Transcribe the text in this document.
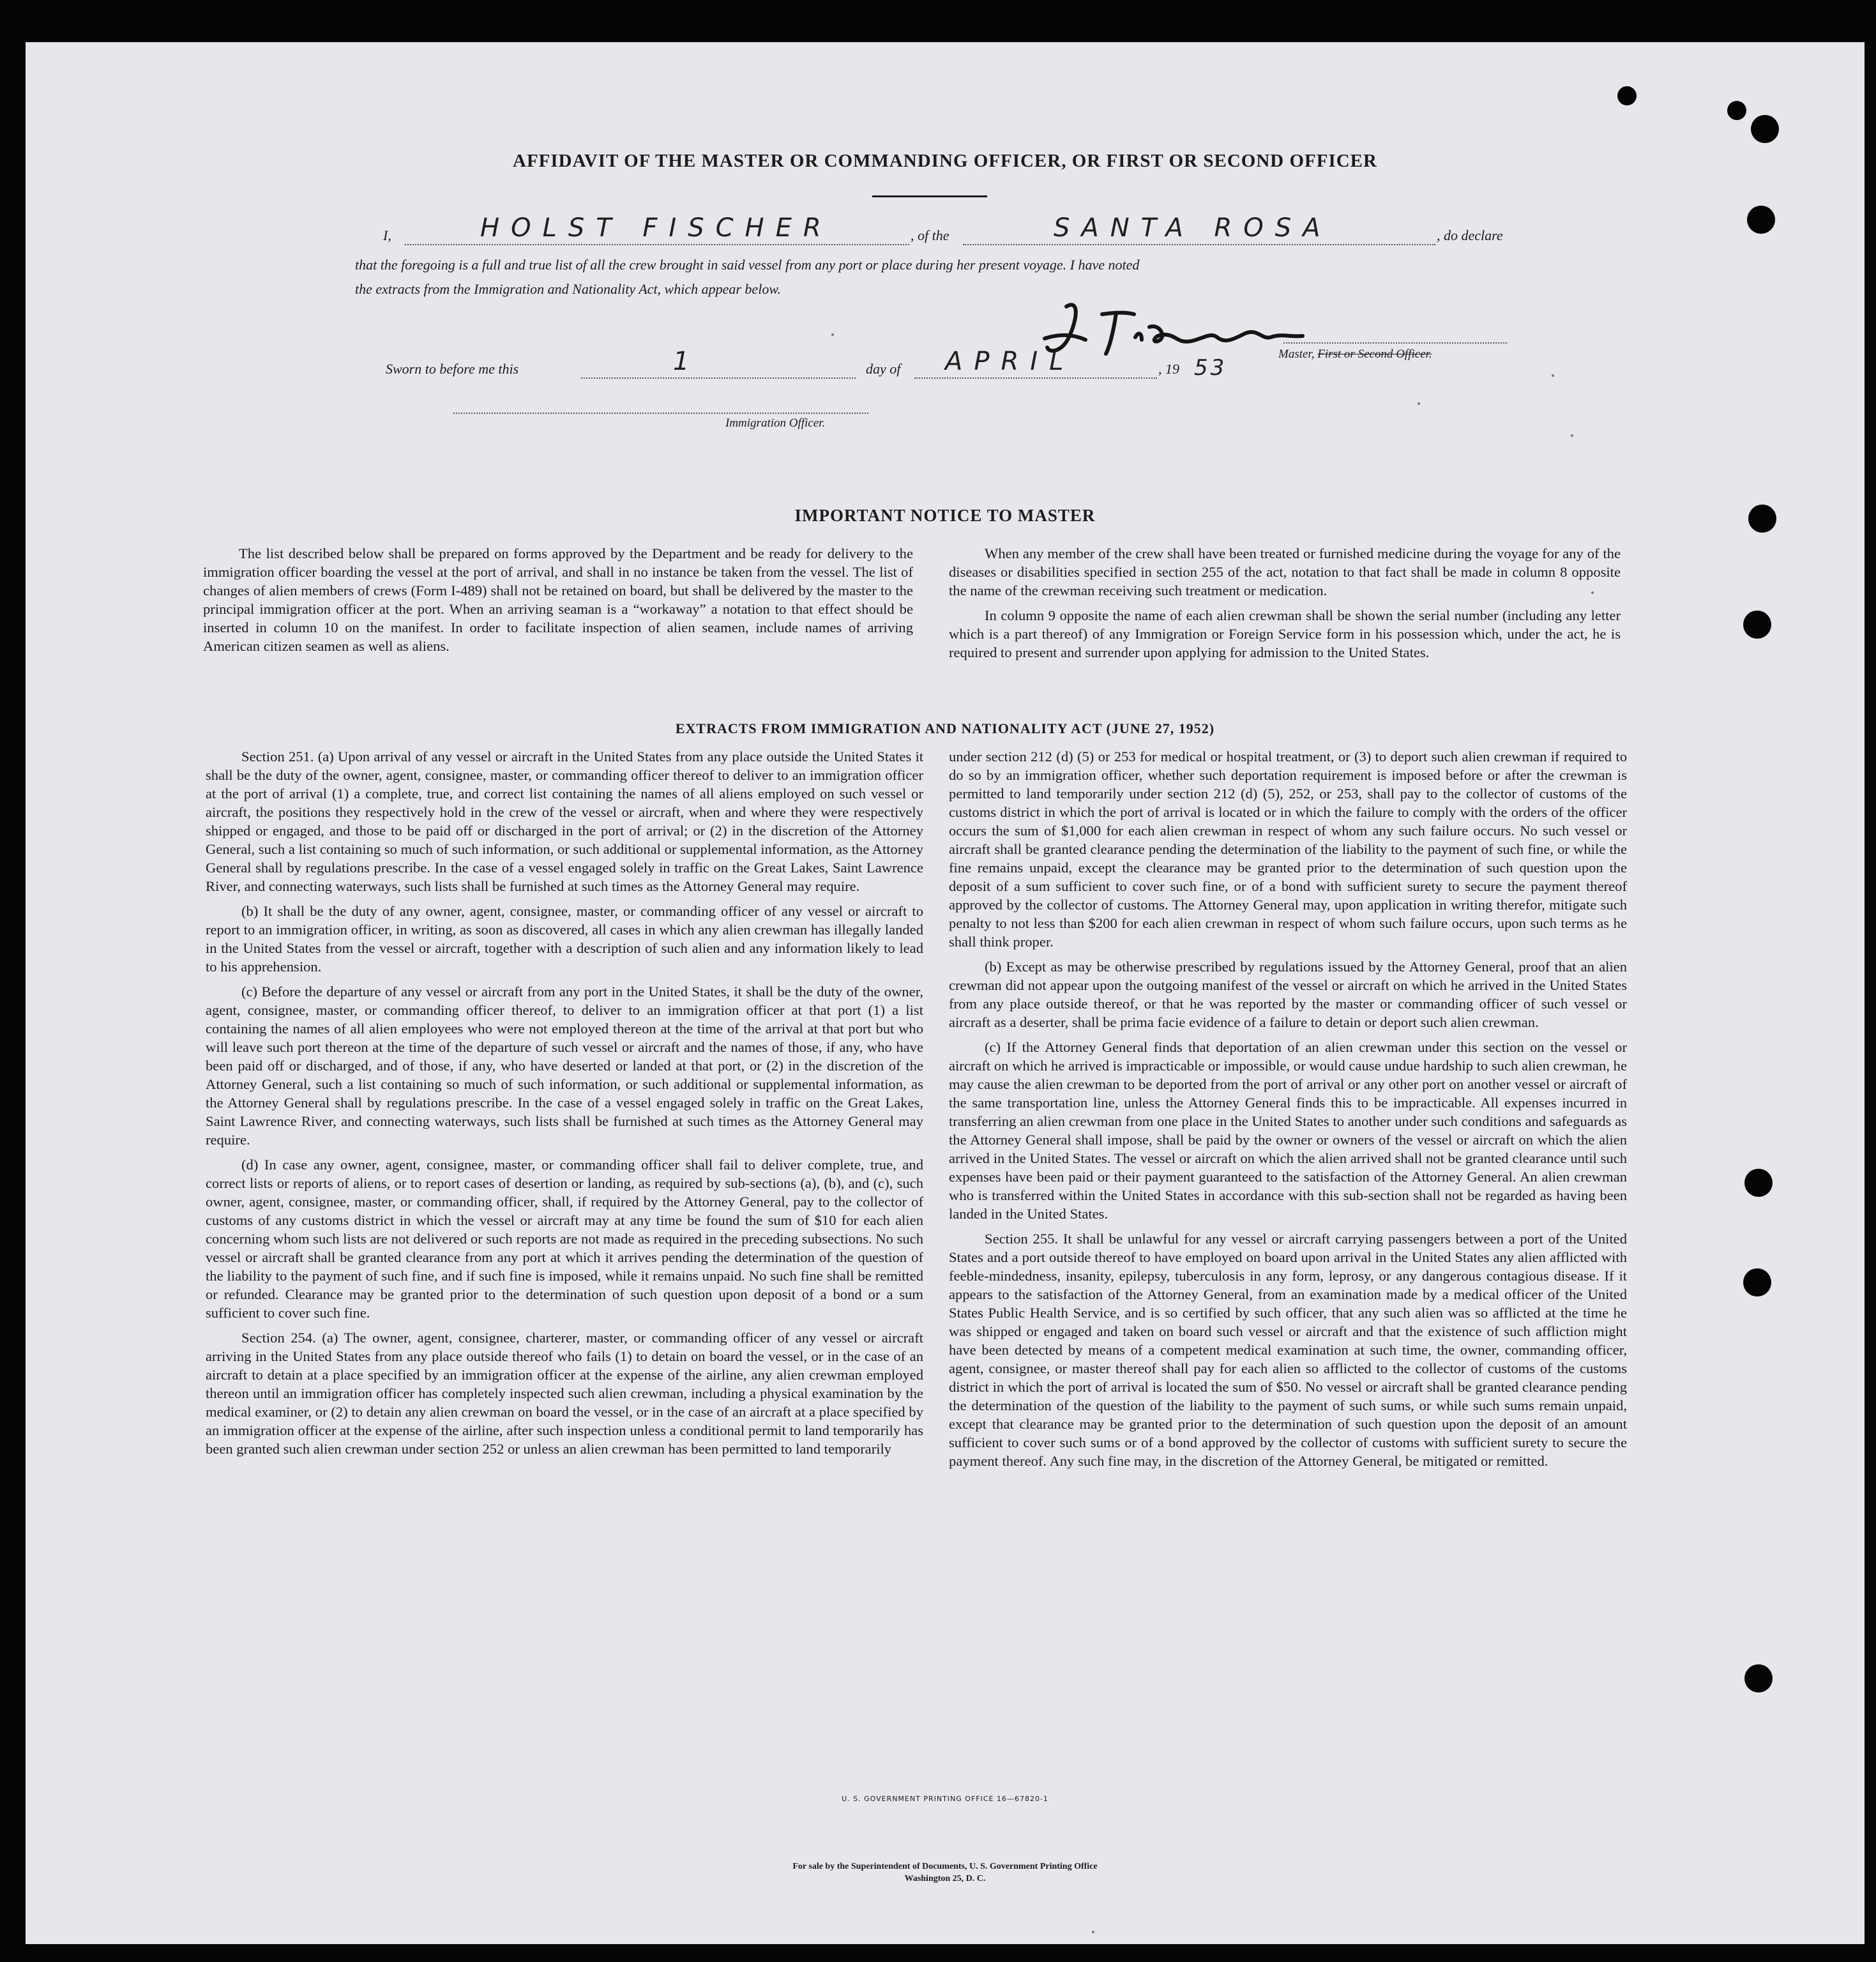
AFFIDAVIT OF THE MASTER OR COMMANDING OFFICER, OR FIRST OR SECOND OFFICER
I,	HOLST FISCHER	, of the	SANTA ROSA	, do declare
that the foregoing is a full and true list of all the crew brought in said vessel from any port or place during her present voyage. I have noted
the extracts from the Immigration and Nationality Act, which appear below.
Master, First or Second Officer.
Sworn to before me this	1	day of APRIL	, 19 53
Immigration Officer.
IMPORTANT NOTICE TO MASTER

The list described below shall be prepared on forms approved by the Department and be ready for delivery to the immigration officer boarding the vessel at the port of arrival, and shall in no instance be taken from the vessel. The list of changes of alien members of crews (Form I-489) shall not be retained on board, but shall be delivered by the master to the principal immigration officer at the port. When an arriving seaman is a “workaway” a notation to that effect should be inserted in column 10 on the manifest. In order to facilitate inspection of alien seamen, include names of arriving American citizen seamen as well as aliens.

When any member of the crew shall have been treated or furnished medicine during the voyage for any of the diseases or disabilities specified in section 255 of the act, notation to that fact shall be made in column 8 opposite the name of the crewman receiving such treatment or medication.

In column 9 opposite the name of each alien crewman shall be shown the serial number (including any letter which is a part thereof) of any Immigration or Foreign Service form in his possession which, under the act, he is required to present and surrender upon applying for admission to the United States.

EXTRACTS FROM IMMIGRATION AND NATIONALITY ACT (JUNE 27, 1952)

Section 251. (a) Upon arrival of any vessel or aircraft in the United States from any place outside the United States it shall be the duty of the owner, agent, consignee, master, or commanding officer thereof to deliver to an immigration officer at the port of arrival (1) a complete, true, and correct list containing the names of all aliens employed on such vessel or aircraft, the positions they respectively hold in the crew of the vessel or aircraft, when and where they were respectively shipped or engaged, and those to be paid off or discharged in the port of arrival; or (2) in the discretion of the Attorney General, such a list containing so much of such information, or such additional or supplemental information, as the Attorney General shall by regulations prescribe. In the case of a vessel engaged solely in traffic on the Great Lakes, Saint Lawrence River, and connecting waterways, such lists shall be furnished at such times as the Attorney General may require.

(b) It shall be the duty of any owner, agent, consignee, master, or commanding officer of any vessel or aircraft to report to an immigration officer, in writing, as soon as discovered, all cases in which any alien crewman has illegally landed in the United States from the vessel or aircraft, together with a description of such alien and any information likely to lead to his apprehension.

(c) Before the departure of any vessel or aircraft from any port in the United States, it shall be the duty of the owner, agent, consignee, master, or commanding officer thereof, to deliver to an immigration officer at that port (1) a list containing the names of all alien employees who were not employed thereon at the time of the arrival at that port but who will leave such port thereon at the time of the departure of such vessel or aircraft and the names of those, if any, who have been paid off or discharged, and of those, if any, who have deserted or landed at that port, or (2) in the discretion of the Attorney General, such a list containing so much of such information, or such additional or supplemental information, as the Attorney General shall by regulations prescribe. In the case of a vessel engaged solely in traffic on the Great Lakes, Saint Lawrence River, and connecting waterways, such lists shall be furnished at such times as the Attorney General may require.

(d) In case any owner, agent, consignee, master, or commanding officer shall fail to deliver complete, true, and correct lists or reports of aliens, or to report cases of desertion or landing, as required by sub-sections (a), (b), and (c), such owner, agent, consignee, master, or commanding officer, shall, if required by the Attorney General, pay to the collector of customs of any customs district in which the vessel or aircraft may at any time be found the sum of $10 for each alien concerning whom such lists are not delivered or such reports are not made as required in the preceding subsections. No such vessel or aircraft shall be granted clearance from any port at which it arrives pending the determination of the question of the liability to the payment of such fine, and if such fine is imposed, while it remains unpaid. No such fine shall be remitted or refunded. Clearance may be granted prior to the determination of such question upon deposit of a bond or a sum sufficient to cover such fine.

Section 254. (a) The owner, agent, consignee, charterer, master, or commanding officer of any vessel or aircraft arriving in the United States from any place outside thereof who fails (1) to detain on board the vessel, or in the case of an aircraft to detain at a place specified by an immigration officer at the expense of the airline, any alien crewman employed thereon until an immigration officer has completely inspected such alien crewman, including a physical examination by the medical examiner, or (2) to detain any alien crewman on board the vessel, or in the case of an aircraft at a place specified by an immigration officer at the expense of the airline, after such inspection unless a conditional permit to land temporarily has been granted such alien crewman under section 252 or unless an alien crewman has been permitted to land temporarily

under section 212 (d) (5) or 253 for medical or hospital treatment, or (3) to deport such alien crewman if required to do so by an immigration officer, whether such deportation requirement is imposed before or after the crewman is permitted to land temporarily under section 212 (d) (5), 252, or 253, shall pay to the collector of customs of the customs district in which the port of arrival is located or in which the failure to comply with the orders of the officer occurs the sum of $1,000 for each alien crewman in respect of whom any such failure occurs. No such vessel or aircraft shall be granted clearance pending the determination of the liability to the payment of such fine, or while the fine remains unpaid, except the clearance may be granted prior to the determination of such question upon the deposit of a sum sufficient to cover such fine, or of a bond with sufficient surety to secure the payment thereof approved by the collector of customs. The Attorney General may, upon application in writing therefor, mitigate such penalty to not less than $200 for each alien crewman in respect of whom such failure occurs, upon such terms as he shall think proper.

(b) Except as may be otherwise prescribed by regulations issued by the Attorney General, proof that an alien crewman did not appear upon the outgoing manifest of the vessel or aircraft on which he arrived in the United States from any place outside thereof, or that he was reported by the master or commanding officer of such vessel or aircraft as a deserter, shall be prima facie evidence of a failure to detain or deport such alien crewman.

(c) If the Attorney General finds that deportation of an alien crewman under this section on the vessel or aircraft on which he arrived is impracticable or impossible, or would cause undue hardship to such alien crewman, he may cause the alien crewman to be deported from the port of arrival or any other port on another vessel or aircraft of the same transportation line, unless the Attorney General finds this to be impracticable. All expenses incurred in transferring an alien crewman from one place in the United States to another under such conditions and safeguards as the Attorney General shall impose, shall be paid by the owner or owners of the vessel or aircraft on which the alien arrived in the United States. The vessel or aircraft on which the alien arrived shall not be granted clearance until such expenses have been paid or their payment guaranteed to the satisfaction of the Attorney General. An alien crewman who is transferred within the United States in accordance with this sub-section shall not be regarded as having been landed in the United States.

Section 255. It shall be unlawful for any vessel or aircraft carrying passengers between a port of the United States and a port outside thereof to have employed on board upon arrival in the United States any alien afflicted with feeble-mindedness, insanity, epilepsy, tuberculosis in any form, leprosy, or any dangerous contagious disease. If it appears to the satisfaction of the Attorney General, from an examination made by a medical officer of the United States Public Health Service, and is so certified by such officer, that any such alien was so afflicted at the time he was shipped or engaged and taken on board such vessel or aircraft and that the existence of such affliction might have been detected by means of a competent medical examination at such time, the owner, commanding officer, agent, consignee, or master thereof shall pay for each alien so afflicted to the collector of customs of the customs district in which the port of arrival is located the sum of $50. No vessel or aircraft shall be granted clearance pending the determination of the question of the liability to the payment of such sums, or while such sums remain unpaid, except that clearance may be granted prior to the determination of such question upon the deposit of an amount sufficient to cover such sums or of a bond approved by the collector of customs with sufficient surety to secure the payment thereof. Any such fine may, in the discretion of the Attorney General, be mitigated or remitted.

U. S. GOVERNMENT PRINTING OFFICE 16—67820-1
For sale by the Superintendent of Documents, U. S. Government Printing Office
Washington 25, D. C.
